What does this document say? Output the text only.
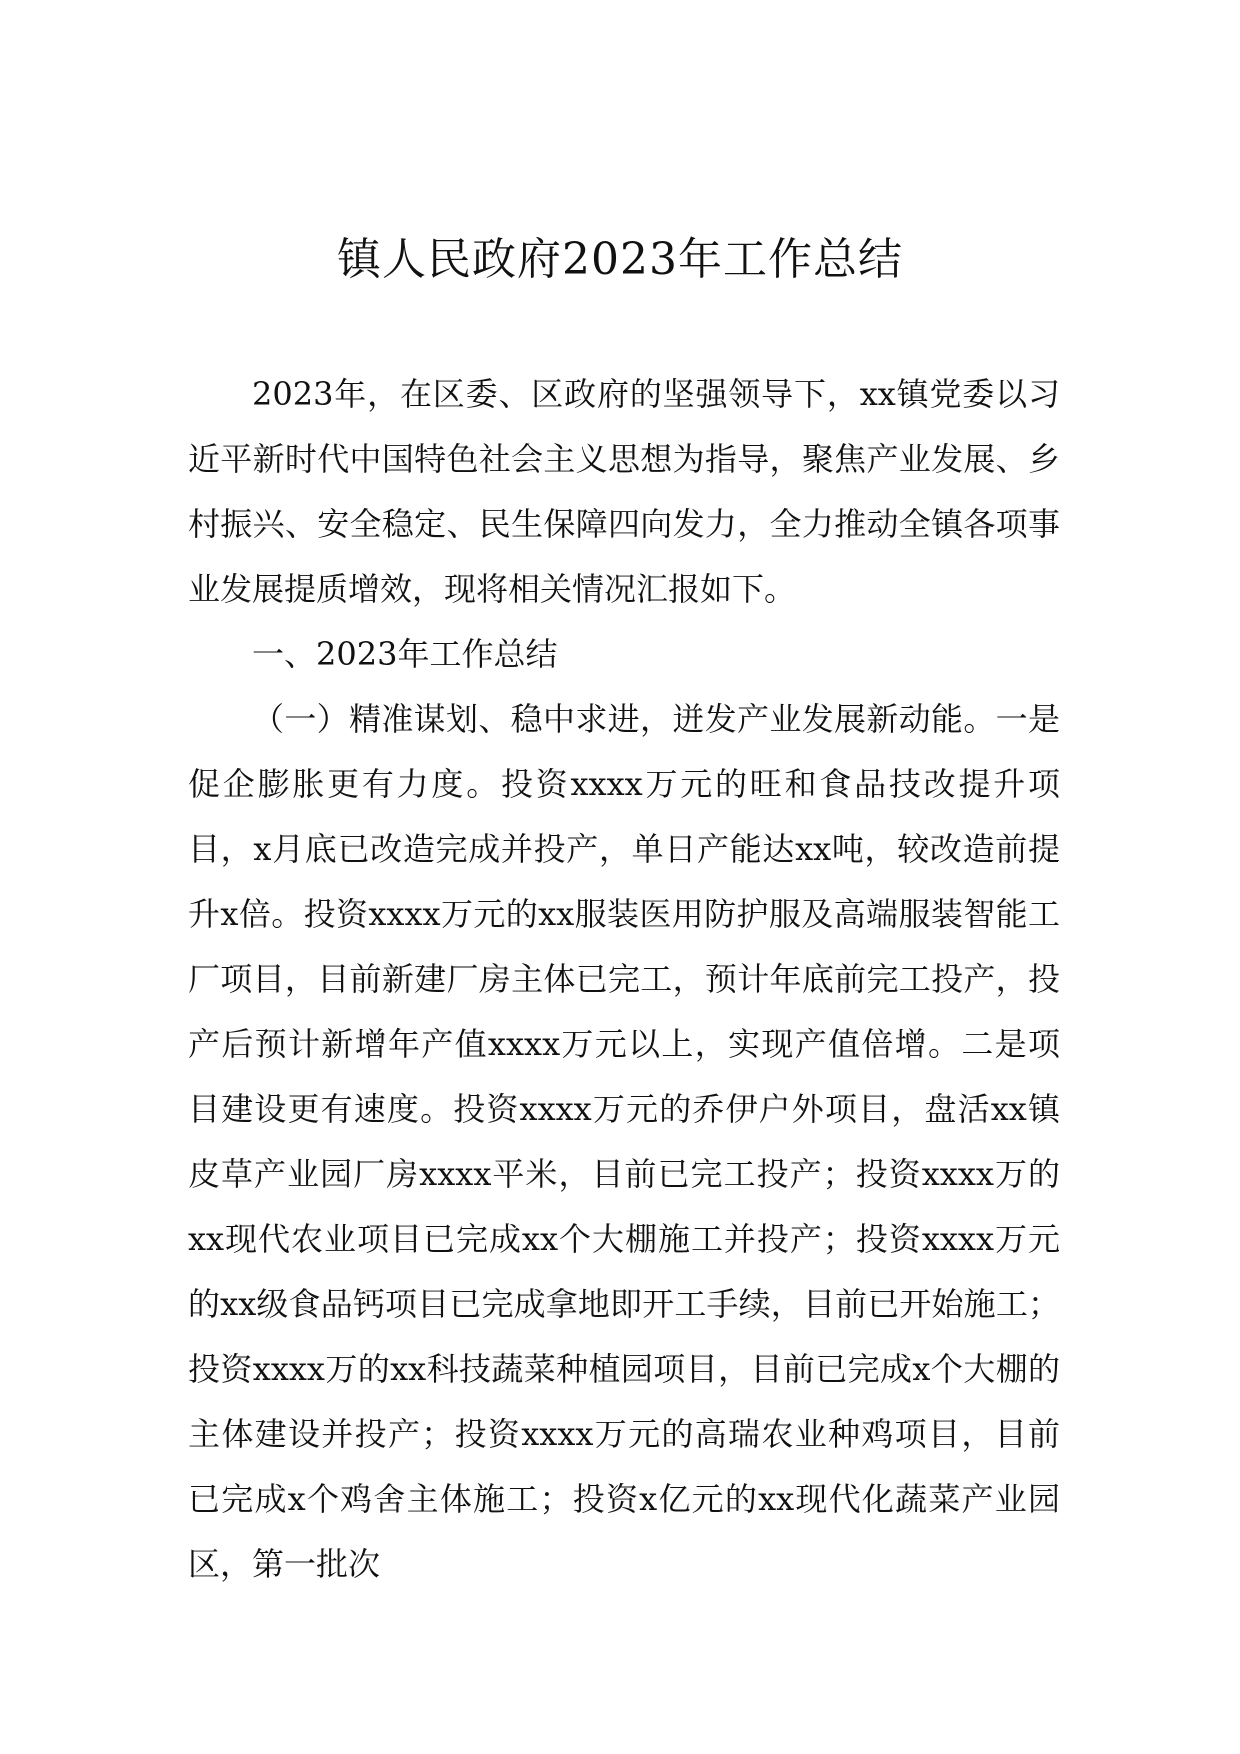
镇人民政府2023年工作总结

2023年，在区委、区政府的坚强领导下，xx镇党委以习近平新时代中国特色社会主义思想为指导，聚焦产业发展、乡村振兴、安全稳定、民生保障四向发力，全力推动全镇各项事业发展提质增效，现将相关情况汇报如下。

一、2023年工作总结

（一）精准谋划、稳中求进，迸发产业发展新动能。一是促企膨胀更有力度。投资xxxx万元的旺和食品技改提升项目，x月底已改造完成并投产，单日产能达xx吨，较改造前提升x倍。投资xxxx万元的xx服装医用防护服及高端服装智能工厂项目，目前新建厂房主体已完工，预计年底前完工投产，投产后预计新增年产值xxxx万元以上，实现产值倍增。二是项目建设更有速度。投资xxxx万元的乔伊户外项目，盘活xx镇皮草产业园厂房xxxx平米，目前已完工投产；投资xxxx万的xx现代农业项目已完成xx个大棚施工并投产；投资xxxx万元的xx级食品钙项目已完成拿地即开工手续，目前已开始施工；投资xxxx万的xx科技蔬菜种植园项目，目前已完成x个大棚的主体建设并投产；投资xxxx万元的高瑞农业种鸡项目，目前已完成x个鸡舍主体施工；投资x亿元的xx现代化蔬菜产业园区，第一批次
